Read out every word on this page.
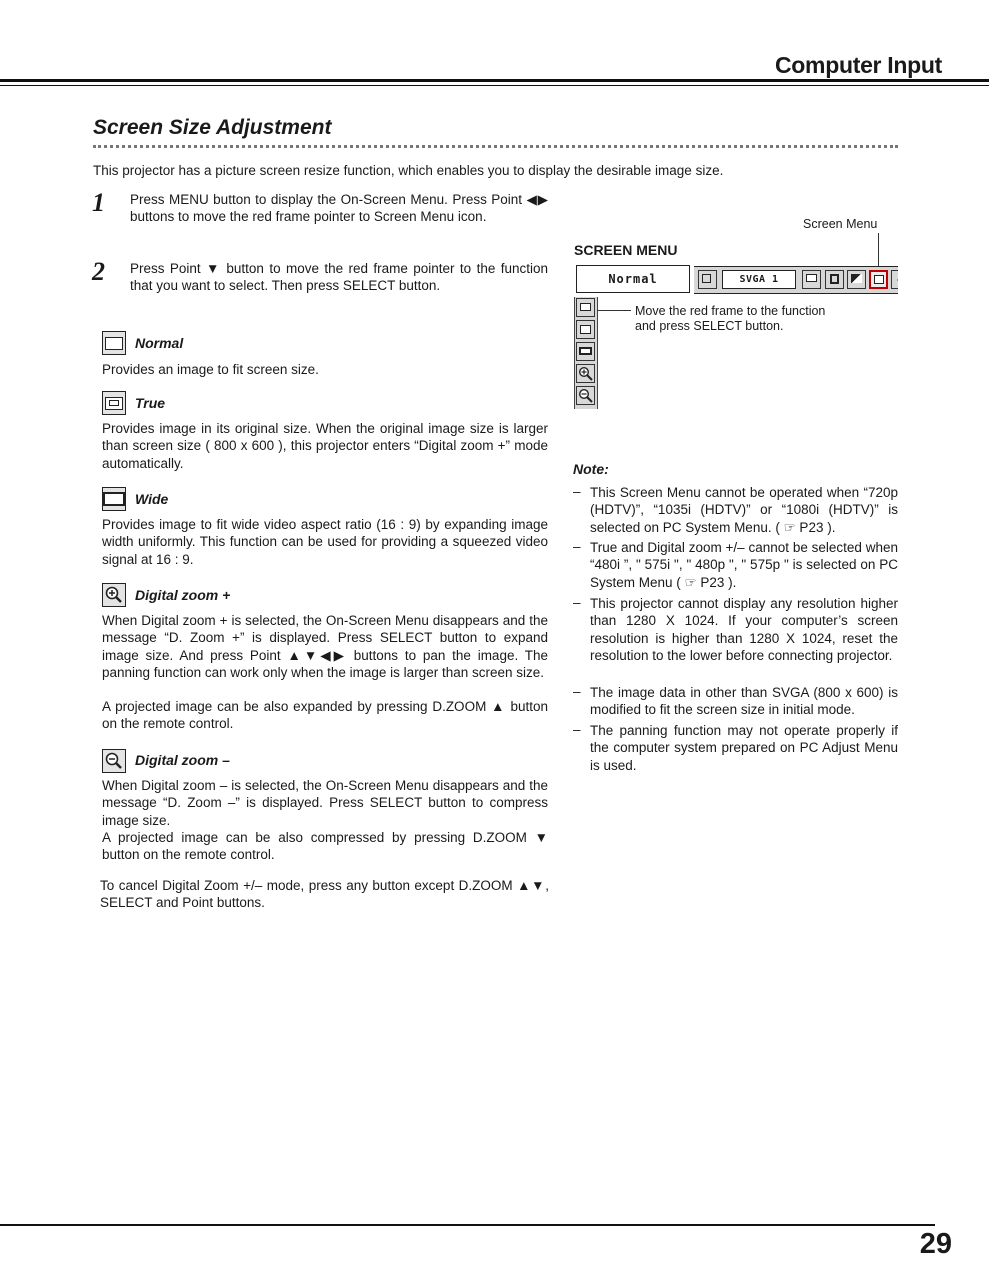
Computer Input
Screen Size Adjustment
This projector has a picture screen resize function, which enables you to display the desirable image size.
1 Press MENU button to display the On-Screen Menu. Press Point ◀▶ buttons to move the red frame pointer to Screen Menu icon.
2 Press Point ▼ button to move the red frame pointer to the function that you want to select. Then press SELECT button.
Normal
Provides an image to fit screen size.
True
Provides image in its original size. When the original image size is larger than screen size ( 800 x 600 ), this projector enters “Digital zoom +” mode automatically.
Wide
Provides image to fit wide video aspect ratio (16 : 9) by expanding image width uniformly. This function can be used for providing a squeezed video signal at 16 : 9.
Digital zoom +
When Digital zoom + is selected, the On-Screen Menu disappears and the message “D. Zoom +” is displayed. Press SELECT button to expand image size. And press Point ▲▼◀▶ buttons to pan the image. The panning function can work only when the image is larger than screen size.
A projected image can be also expanded by pressing D.ZOOM ▲ button on the remote control.
Digital zoom –
When Digital zoom – is selected, the On-Screen Menu disappears and the message “D. Zoom –” is displayed. Press SELECT button to compress image size.
A projected image can be also compressed by pressing D.ZOOM ▼ button on the remote control.
To cancel Digital Zoom +/– mode, press any button except D.ZOOM ▲▼, SELECT and Point buttons.
Screen Menu
SCREEN MENU
Normal	SVGA 1
Move the red frame to the function
and press SELECT button.
Note:
– This Screen Menu cannot be operated when “720p (HDTV)”, “1035i (HDTV)” or “1080i (HDTV)” is selected on PC System Menu. ( ☞ P23 ).
– True and Digital zoom +/– cannot be selected when “480i ”, " 575i ", " 480p ", " 575p " is selected on PC System Menu ( ☞ P23 ).
– This projector cannot display any resolution higher than 1280 X 1024. If your computer’s screen resolution is higher than 1280 X 1024, reset the resolution to the lower before connecting projector.
– The image data in other than SVGA (800 x 600) is modified to fit the screen size in initial mode.
– The panning function may not operate properly if the computer system prepared on PC Adjust Menu is used.
29
